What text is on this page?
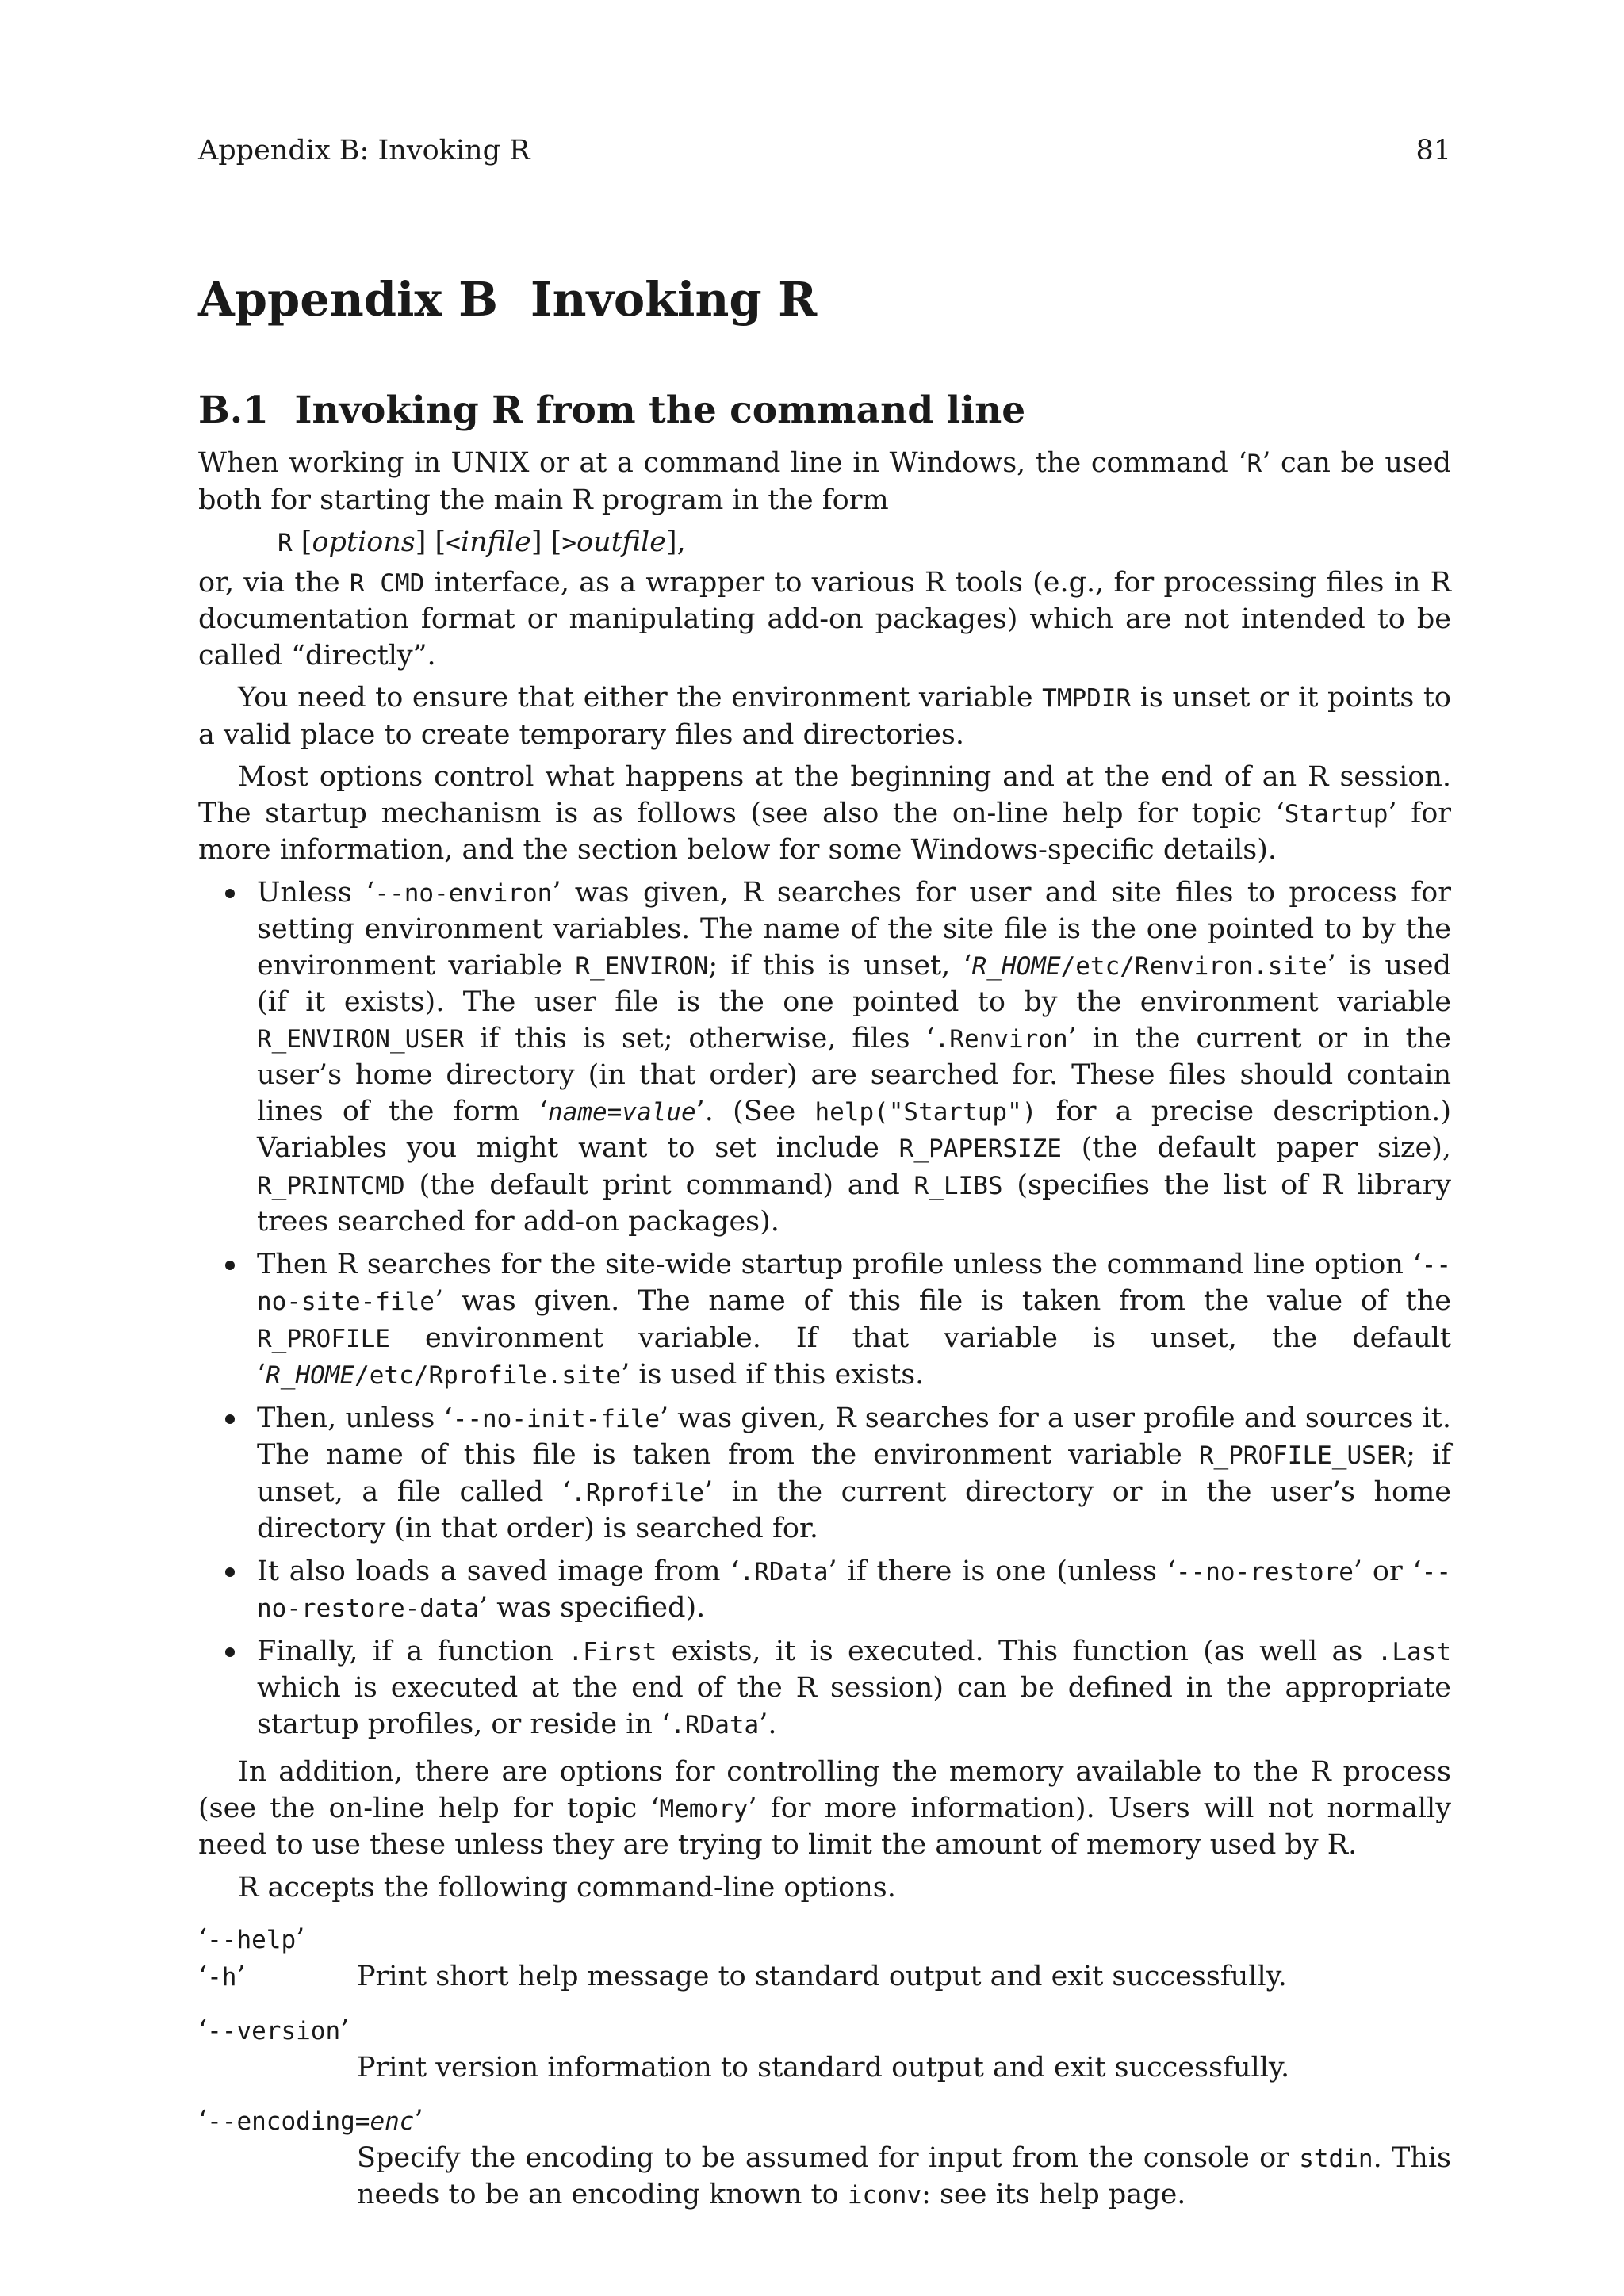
Appendix B: Invoking R	81
Appendix B  Invoking R
B.1  Invoking R from the command line

When working in UNIX or at a command line in Windows, the command ‘R’ can be used both for starting the main R program in the form

R [options] [<infile] [>outfile],

or, via the R CMD interface, as a wrapper to various R tools (e.g., for processing files in R documentation format or manipulating add-on packages) which are not intended to be called “directly”.

You need to ensure that either the environment variable TMPDIR is unset or it points to a valid place to create temporary files and directories.

Most options control what happens at the beginning and at the end of an R session. The startup mechanism is as follows (see also the on-line help for topic ‘Startup’ for more information, and the section below for some Windows-specific details).

Unless ‘--no-environ’ was given, R searches for user and site files to process for setting environment variables. The name of the site file is the one pointed to by the environment variable R_ENVIRON; if this is unset, ‘R_HOME/etc/Renviron.site’ is used (if it exists). The user file is the one pointed to by the environment variable R_ENVIRON_USER if this is set; otherwise, files ‘.Renviron’ in the current or in the user’s home directory (in that order) are searched for. These files should contain lines of the form ‘name=value’. (See help("Startup") for a precise description.) Variables you might want to set include R_PAPERSIZE (the default paper size), R_PRINTCMD (the default print command) and R_LIBS (specifies the list of R library trees searched for add-on packages).
Then R searches for the site-wide startup profile unless the command line option ‘--no-site-file’ was given. The name of this file is taken from the value of the R_PROFILE environment variable. If that variable is unset, the default ‘R_HOME/etc/Rprofile.site’ is used if this exists.
Then, unless ‘--no-init-file’ was given, R searches for a user profile and sources it. The name of this file is taken from the environment variable R_PROFILE_USER; if unset, a file called ‘.Rprofile’ in the current directory or in the user’s home directory (in that order) is searched for.
It also loads a saved image from ‘.RData’ if there is one (unless ‘--no-restore’ or ‘--no-restore-data’ was specified).
Finally, if a function .First exists, it is executed. This function (as well as .Last which is executed at the end of the R session) can be defined in the appropriate startup profiles, or reside in ‘.RData’.

In addition, there are options for controlling the memory available to the R process (see the on-line help for topic ‘Memory’ for more information). Users will not normally need to use these unless they are trying to limit the amount of memory used by R.

R accepts the following command-line options.

‘--help’
‘-h’	Print short help message to standard output and exit successfully.
‘--version’
Print version information to standard output and exit successfully.
‘--encoding=enc’
Specify the encoding to be assumed for input from the console or stdin. This needs to be an encoding known to iconv: see its help page.
